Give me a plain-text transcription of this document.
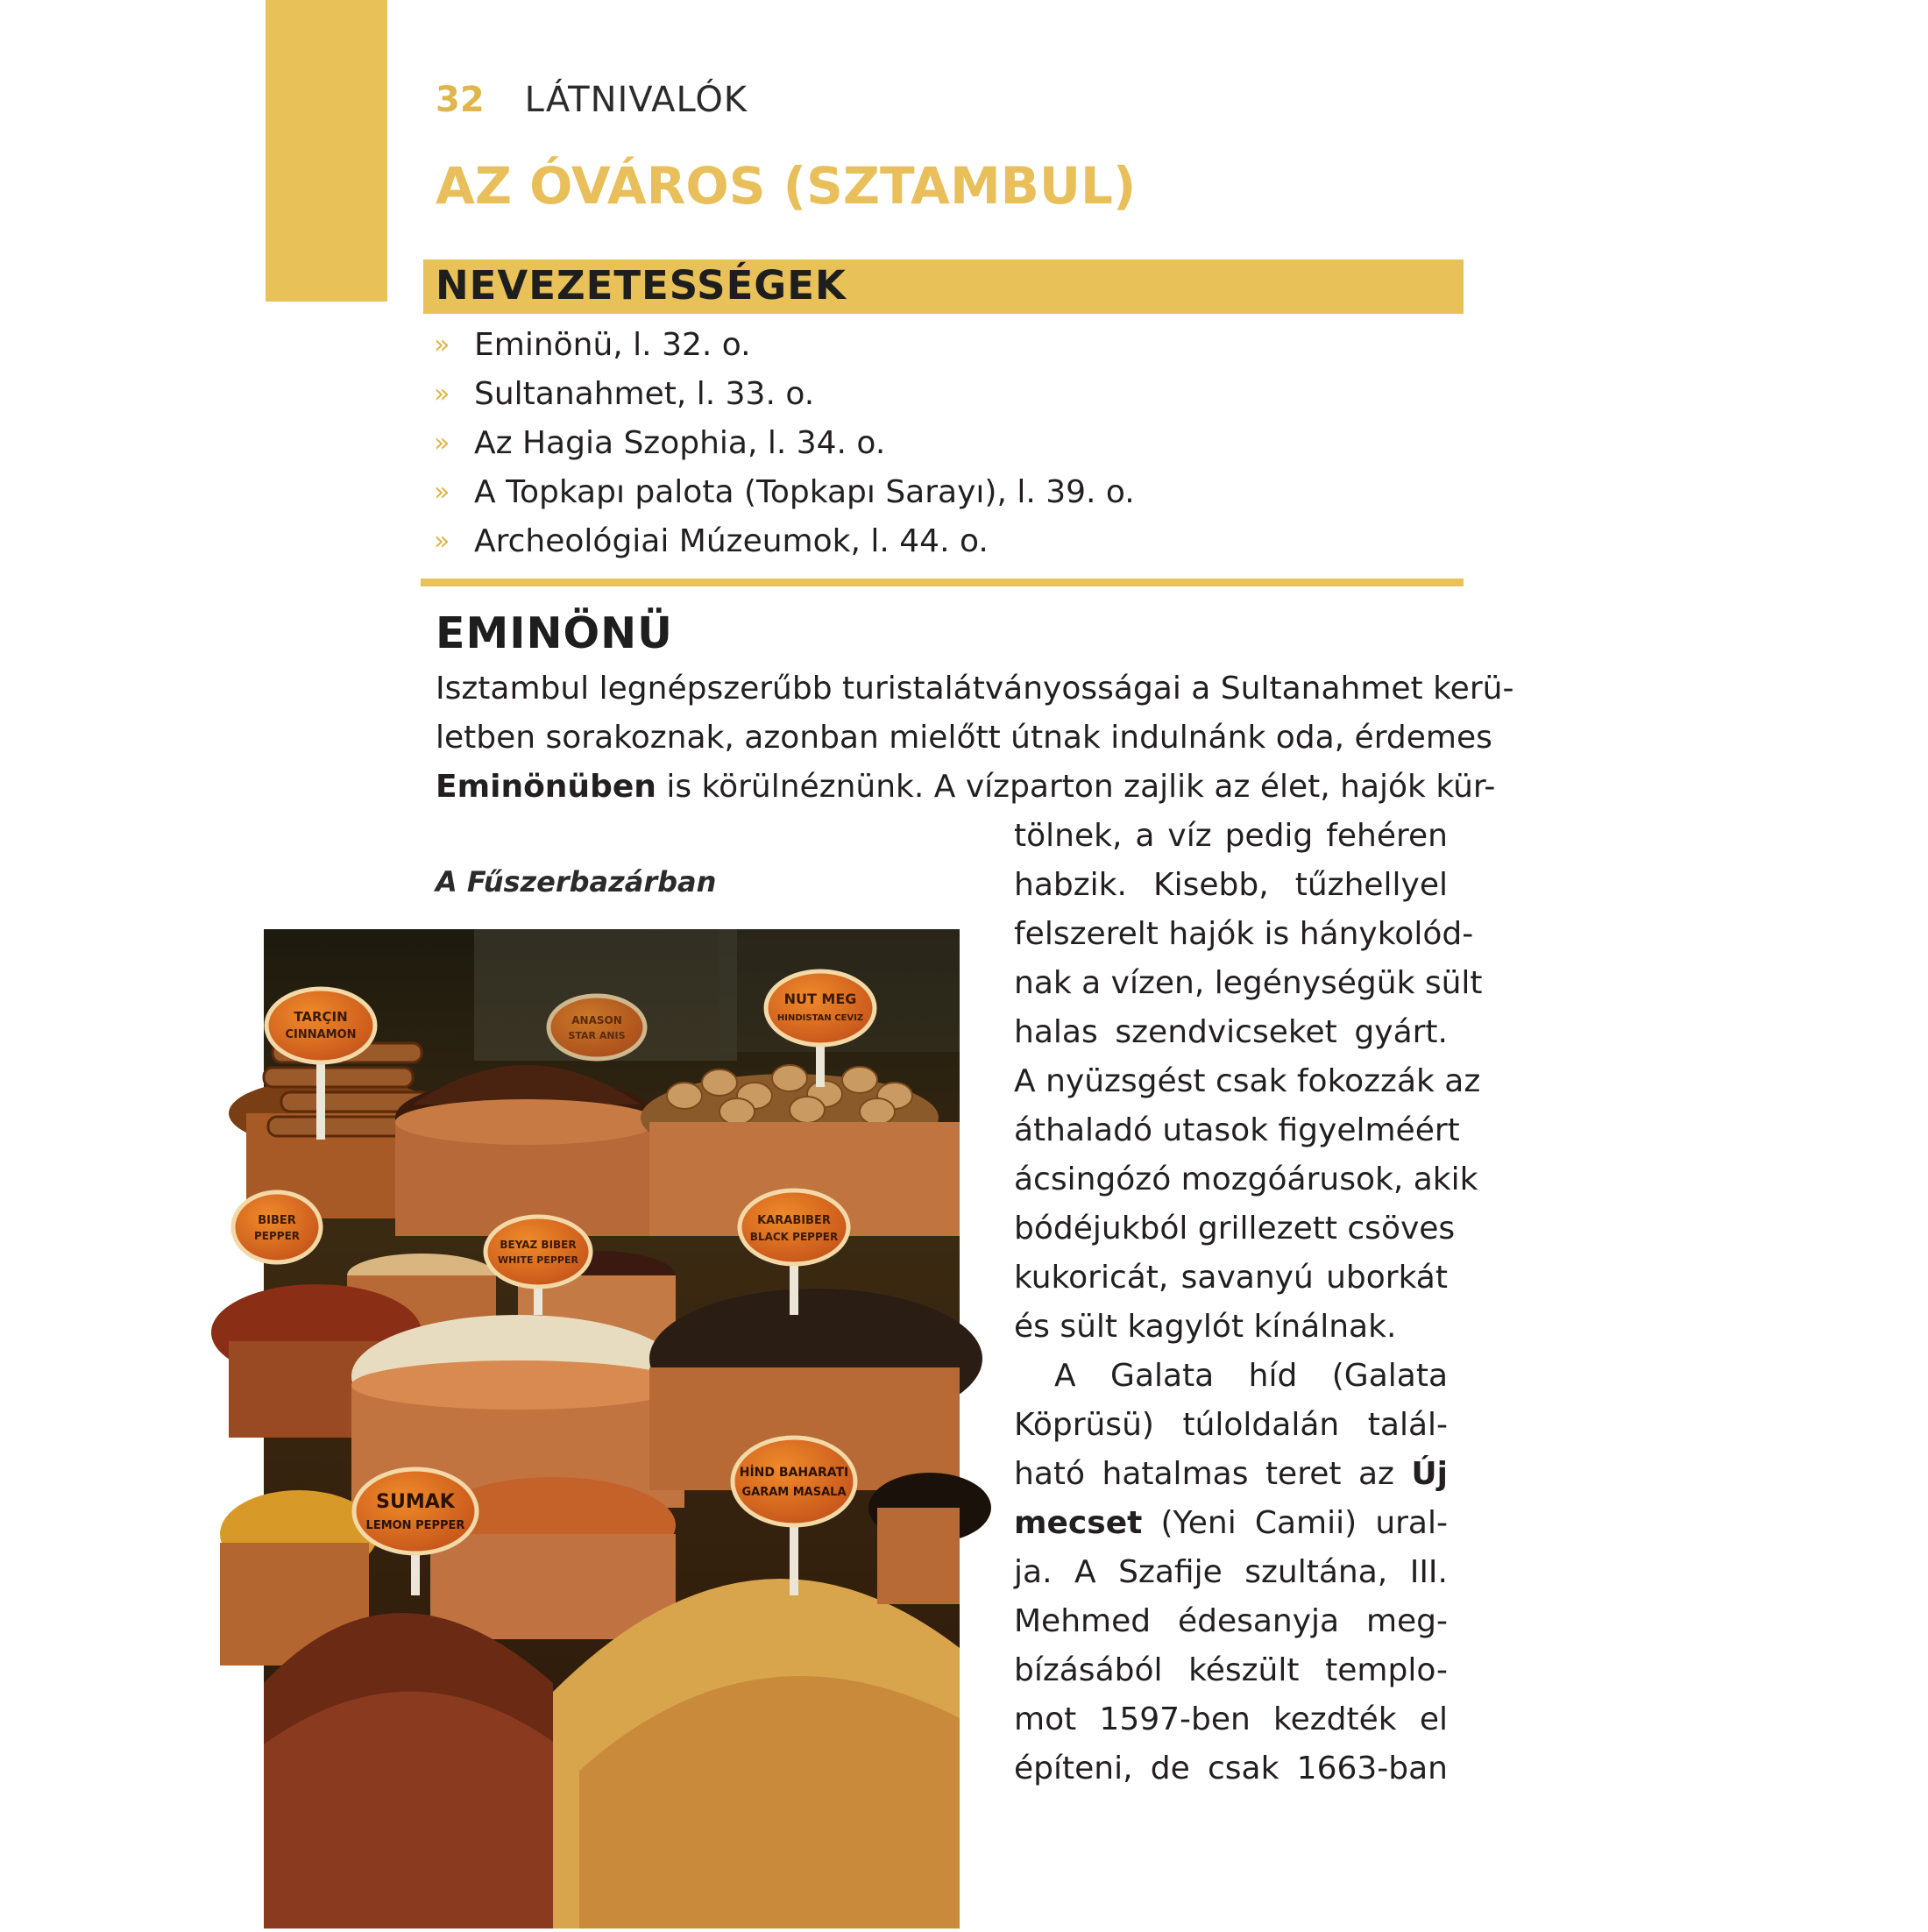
32 LÁTNIVALÓK
AZ ÓVÁROS (SZTAMBUL)
NEVEZETESSÉGEK
» Eminönü, l. 32. o.
» Sultanahmet, l. 33. o.
» Az Hagia Szophia, l. 34. o.
» A Topkapı palota (Topkapı Sarayı), l. 39. o.
» Archeológiai Múzeumok, l. 44. o.
EMINÖNÜ
Isztambul legnépszerűbb turistalátványosságai a Sultanahmet kerü-
letben sorakoznak, azonban mielőtt útnak indulnánk oda, érdemes
Eminönüben is körülnéznünk. A vízparton zajlik az élet, hajók kür-
A Fűszerbazárban
tölnek, a víz pedig fehéren
habzik. Kisebb, tűzhellyel
felszerelt hajók is hánykolód-
nak a vízen, legénységük sült
halas szendvicseket gyárt.
A nyüzsgést csak fokozzák az
áthaladó utasok figyelméért
ácsingózó mozgóárusok, akik
bódéjukból grillezett csöves
kukoricát, savanyú uborkát
és sült kagylót kínálnak.
A Galata híd (Galata
Köprüsü) túloldalán talál-
ható hatalmas teret az Új
mecset (Yeni Camii) ural-
ja. A Szafije szultána, III.
Mehmed édesanyja meg-
bízásából készült templo-
mot 1597-ben kezdték el
építeni, de csak 1663-ban
TARÇIN
CINNAMON
ANASON
STAR ANIS
NUT MEG
HINDISTAN CEVIZ
BIBER
PEPPER
BEYAZ BIBER
WHITE PEPPER
KARABIBER
BLACK PEPPER
SUMAK
LEMON PEPPER
HİND BAHARATI
GARAM MASALA
